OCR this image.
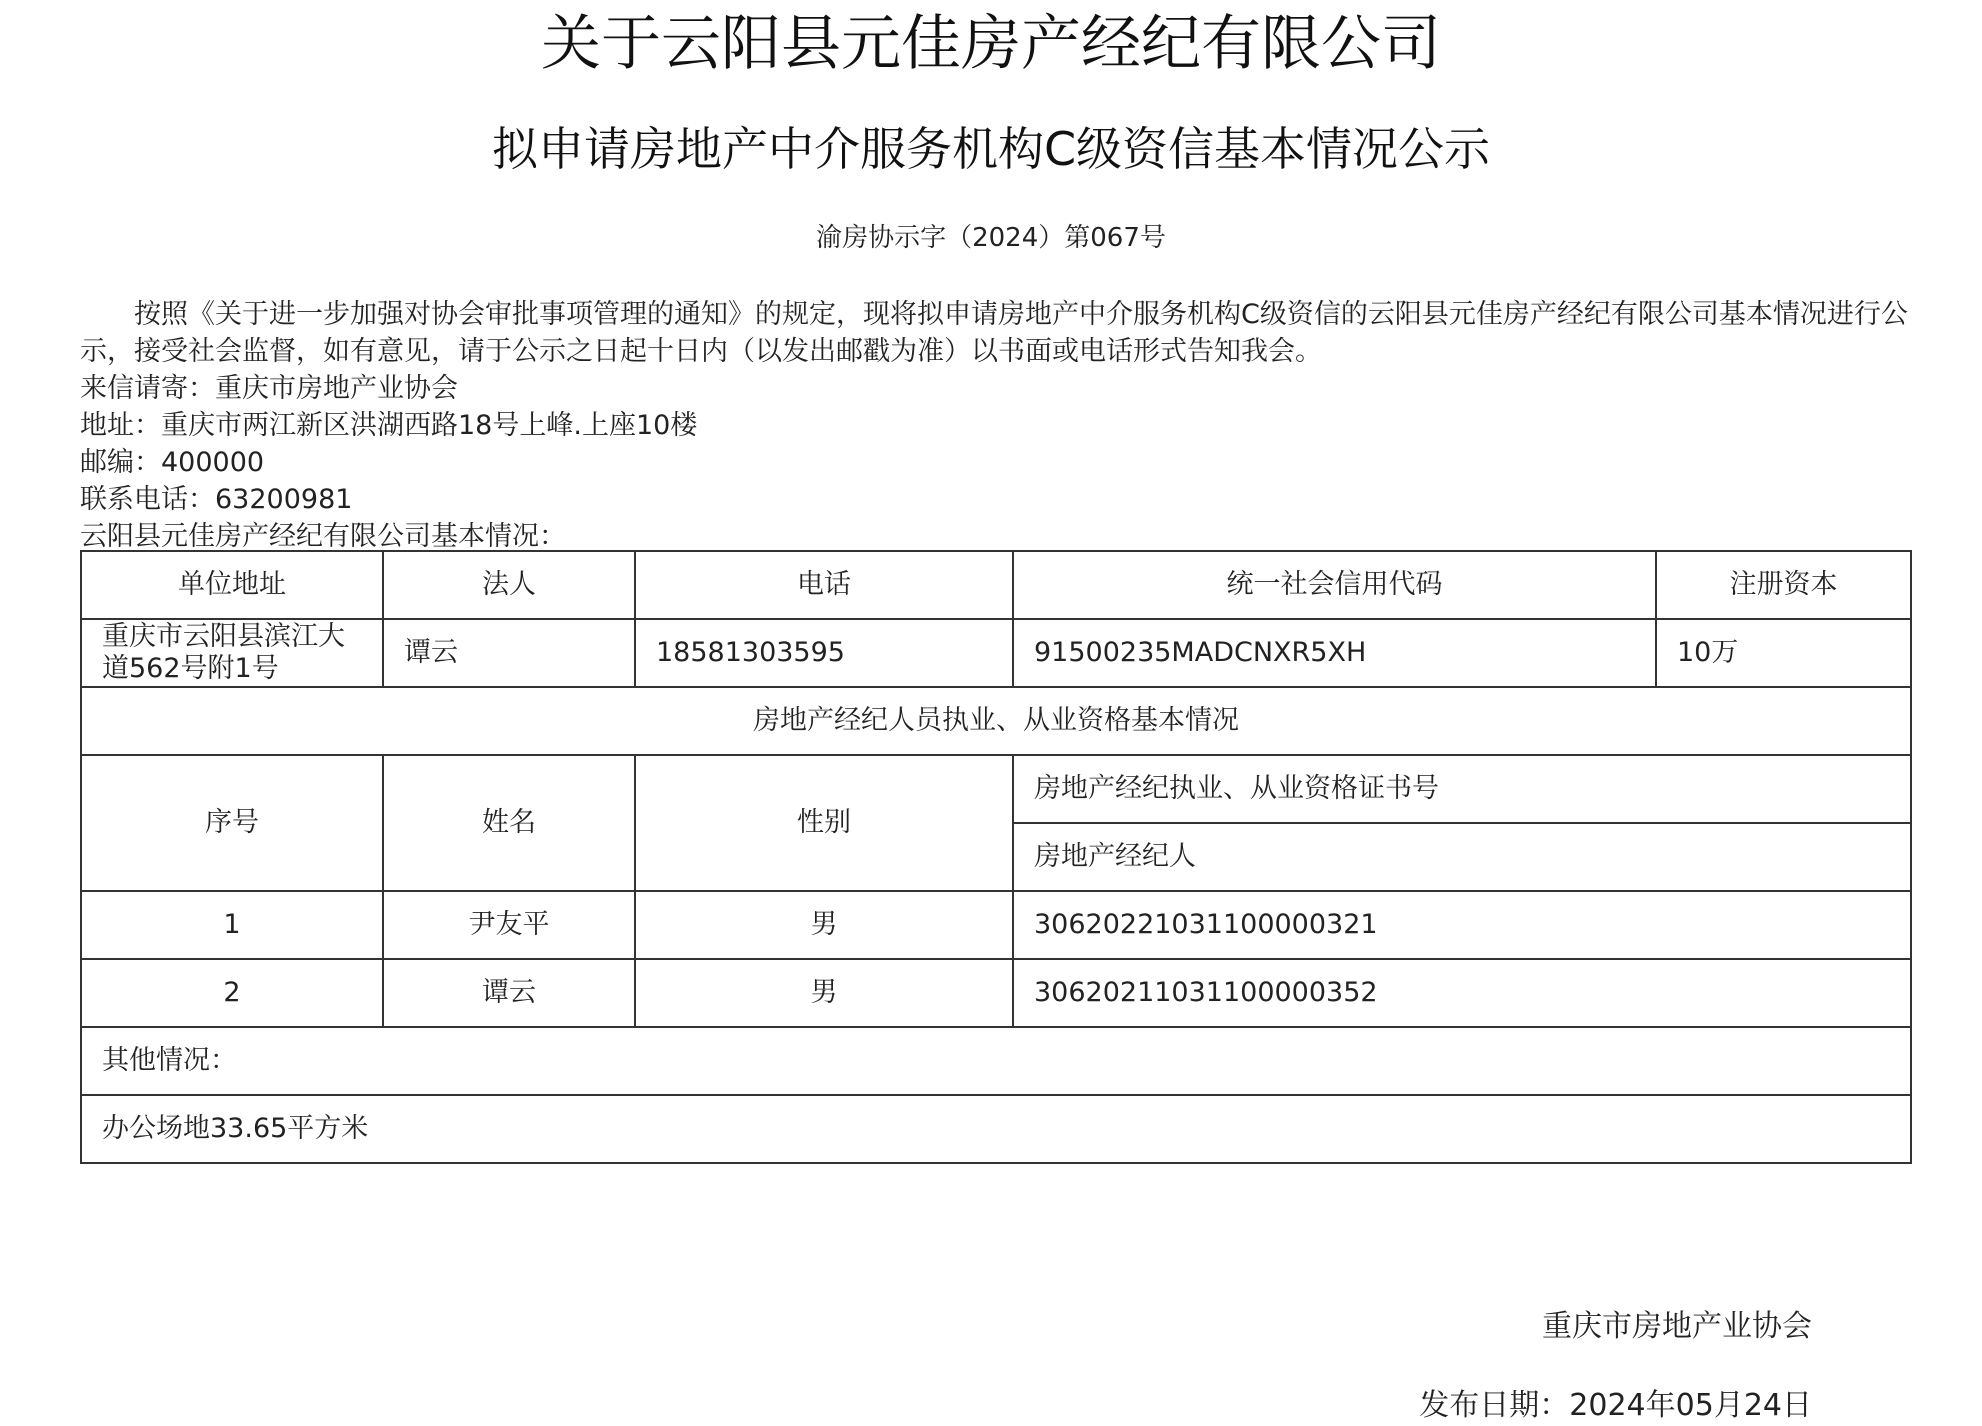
关于云阳县元佳房产经纪有限公司
拟申请房地产中介服务机构C级资信基本情况公示
渝房协示字（2024）第067号

按照《关于进一步加强对协会审批事项管理的通知》的规定，现将拟申请房地产中介服务机构C级资信的云阳县元佳房产经纪有限公司基本情况进行公示，接受社会监督，如有意见，请于公示之日起十日内（以发出邮戳为准）以书面或电话形式告知我会。

来信请寄：重庆市房地产业协会

地址：重庆市两江新区洪湖西路18号上峰.上座10楼

邮编：400000

联系电话：63200981

云阳县元佳房产经纪有限公司基本情况：

单位地址	法人	电话	统一社会信用代码	注册资本
重庆市云阳县滨江大道562号附1号	谭云	18581303595	91500235MADCNXR5XH	10万
房地产经纪人员执业、从业资格基本情况				
序号	姓名	性别	房地产经纪执业、从业资格证书号	
			房地产经纪人	
1	尹友平	男	30620221031100000321	
2	谭云	男	30620211031100000352	
其他情况：				
办公场地33.65平方米				
重庆市房地产业协会
发布日期：2024年05月24日
